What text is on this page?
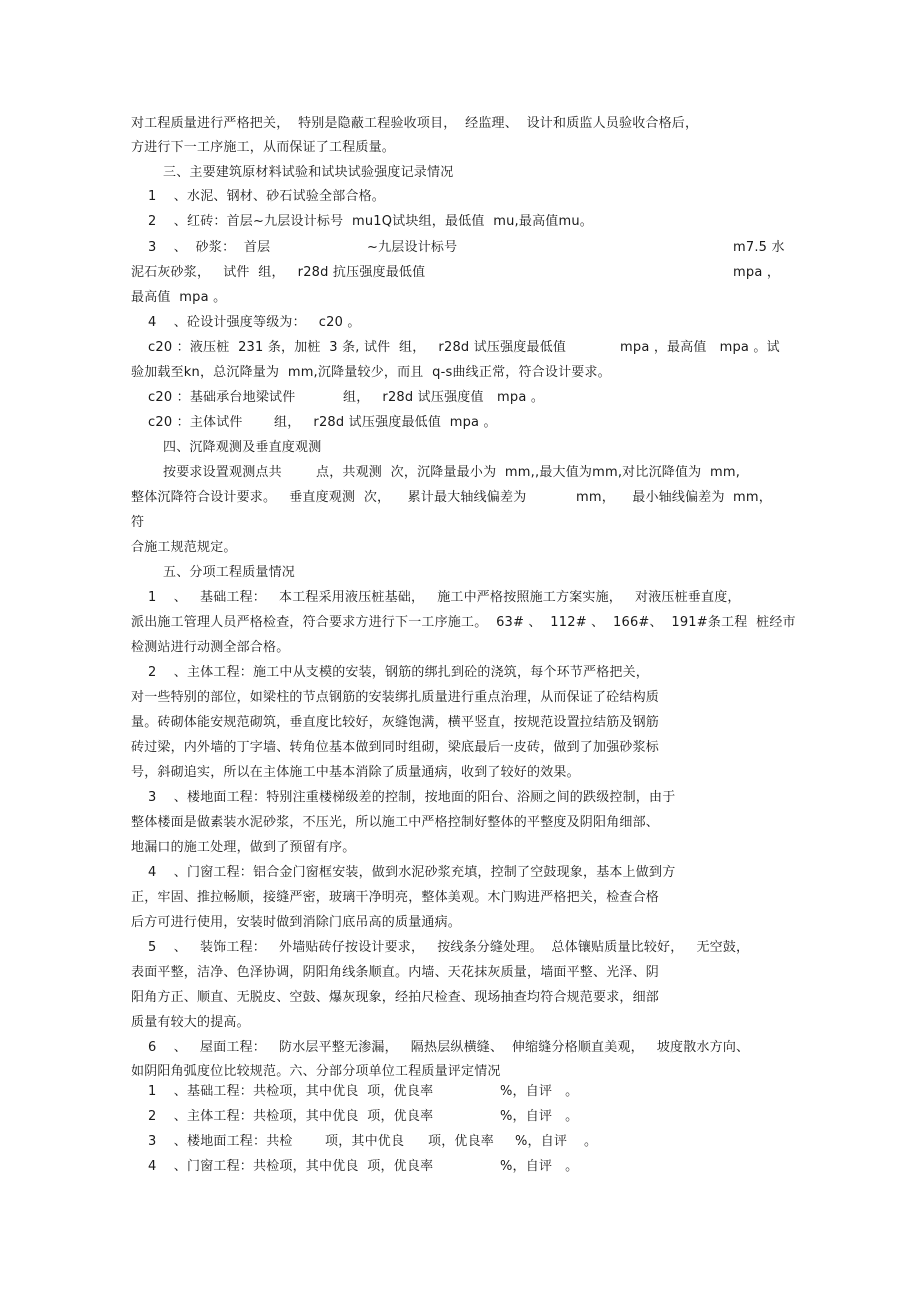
对工程质量进行严格把关，  特别是隐蔽工程验收项目，  经监理、  设计和质监人员验收合格后，
方进行下一工序施工，从而保证了工程质量。
三、主要建筑原材料试验和试块试验强度记录情况
1    、水泥、钢材、砂石试验全部合格。
2    、红砖：首层~九层设计标号  mu1Q试块组，最低值  mu,最高值mu。
3    、  砂浆：  首层	~九层设计标号	m7.5 水
泥石灰砂浆，   试件  组，   r28d 抗压强度最低值	mpa ，
最高值  mpa 。
4    、砼设计强度等级为：   c20 。
c20 ：液压桩  231 条，加桩  3 条, 试件  组，   r28d 试压强度最低值	mpa ，最高值   mpa 。试
验加载至kn，总沉降量为  mm,沉降量较少，而且  q-s曲线正常，符合设计要求。
c20 ：基础承台地梁试件	组，   r28d 试压强度值 mpa 。
c20 ：主体试件 组，   r28d 试压强度最低值  mpa 。
四、沉降观测及垂直度观测
按要求设置观测点共	点，共观测  次，沉降量最小为  mm,,最大值为mm,对比沉降值为  mm,
整体沉降符合设计要求。   垂直度观测  次，    累计最大轴线偏差为	mm，    最小轴线偏差为 mm，
符
合施工规范规定。
五、分项工程质量情况
1    、   基础工程：   本工程采用液压桩基础，   施工中严格按照施工方案实施，   对液压桩垂直度，
派出施工管理人员严格检查，符合要求方进行下一工序施工。  63# 、  112# 、  166#、  191#条工程  桩经市
检测站进行动测全部合格。
2    、主体工程：施工中从支模的安装，钢筋的绑扎到砼的浇筑，每个环节严格把关，
对一些特别的部位，如梁柱的节点钢筋的安装绑扎质量进行重点治理，从而保证了砼结构质
量。砖砌体能安规范砌筑，垂直度比较好，灰缝饱满，横平竖直，按规范设置拉结筋及钢筋
砖过梁，内外墙的丁字墙、转角位基本做到同时组砌，梁底最后一皮砖，做到了加强砂浆标
号，斜砌追实，所以在主体施工中基本消除了质量通病，收到了较好的效果。
3    、楼地面工程：特别注重楼梯级差的控制，按地面的阳台、浴厕之间的跌级控制，由于
整体楼面是做素装水泥砂浆，不压光，所以施工中严格控制好整体的平整度及阴阳角细部、
地漏口的施工处理，做到了预留有序。
4    、门窗工程：铝合金门窗框安装，做到水泥砂浆充填，控制了空鼓现象，基本上做到方
正，牢固、推拉畅顺，接缝严密，玻璃干净明亮，整体美观。木门购进严格把关，检查合格
后方可进行使用，安装时做到消除门底吊高的质量通病。
5    、   装饰工程：   外墙贴砖仔按设计要求，   按线条分缝处理。  总体镶贴质量比较好，   无空鼓，
表面平整，洁净、色泽协调，阴阳角线条顺直。内墙、天花抹灰质量，墙面平整、光泽、阴
阳角方正、顺直、无脱皮、空鼓、爆灰现象，经拍尺检查、现场抽查均符合规范要求，细部
质量有较大的提高。
6    、   屋面工程：   防水层平整无渗漏，   隔热层纵横缝、  伸缩缝分格顺直美观，   坡度散水方向、
如阴阳角弧度位比较规范。六、分部分项单位工程质量评定情况
1    、基础工程：共检项，其中优良  项，优良率	%，自评   。
2    、主体工程：共检项，其中优良  项，优良率	%，自评   。
3    、楼地面工程：共检 项，其中优良 项，优良率 %，自评 。
4    、门窗工程：共检项，其中优良  项，优良率	%，自评   。
